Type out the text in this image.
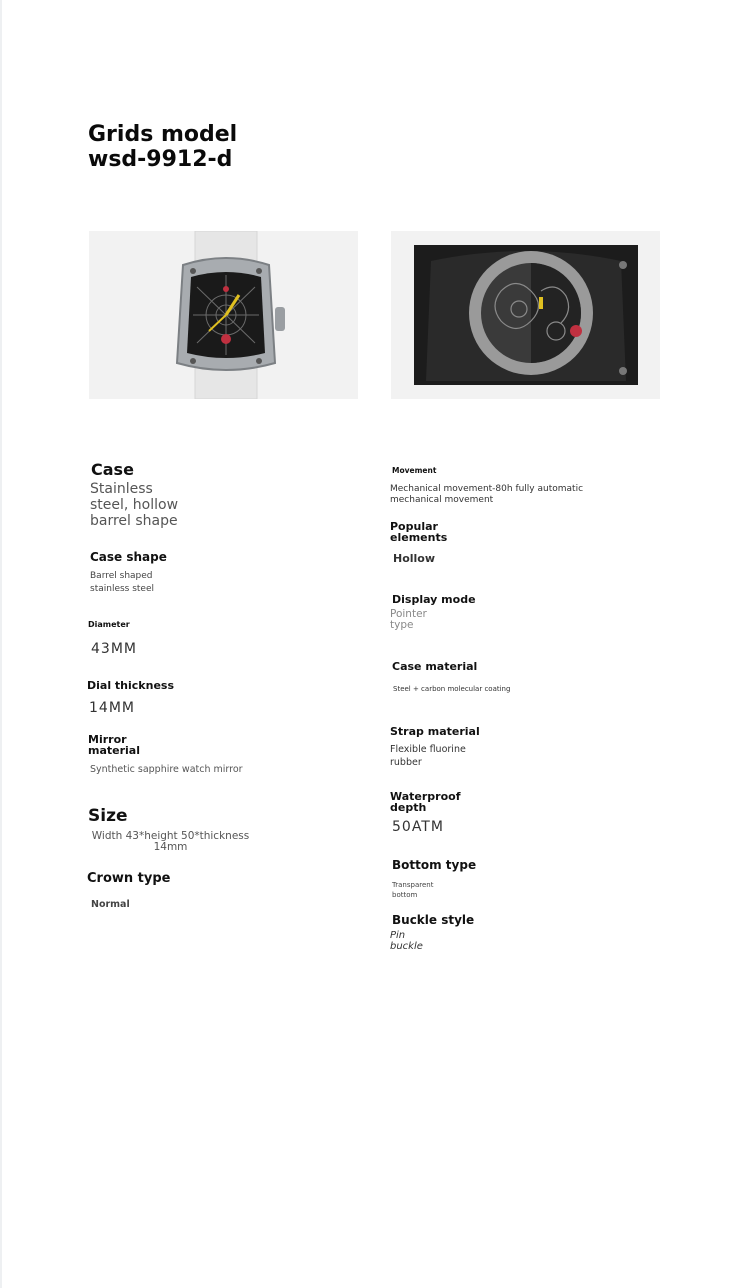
Grids model
wsd-9912-d
Case
Stainless
steel, hollow
barrel shape
Case shape
Barrel shaped
stainless steel
Diameter
43MM
Dial thickness
14MM
Mirror
material
Synthetic sapphire watch mirror
Size
Width 43*height 50*thickness
14mm
Crown type
Normal
Movement
Mechanical movement-80h fully automatic
mechanical movement
Popular
elements
Hollow
Display mode
Pointer
type
Case material
Steel + carbon molecular coating
Strap material
Flexible fluorine
rubber
Waterproof
depth
50ATM
Bottom type
Transparent
bottom
Buckle style
Pin
buckle
